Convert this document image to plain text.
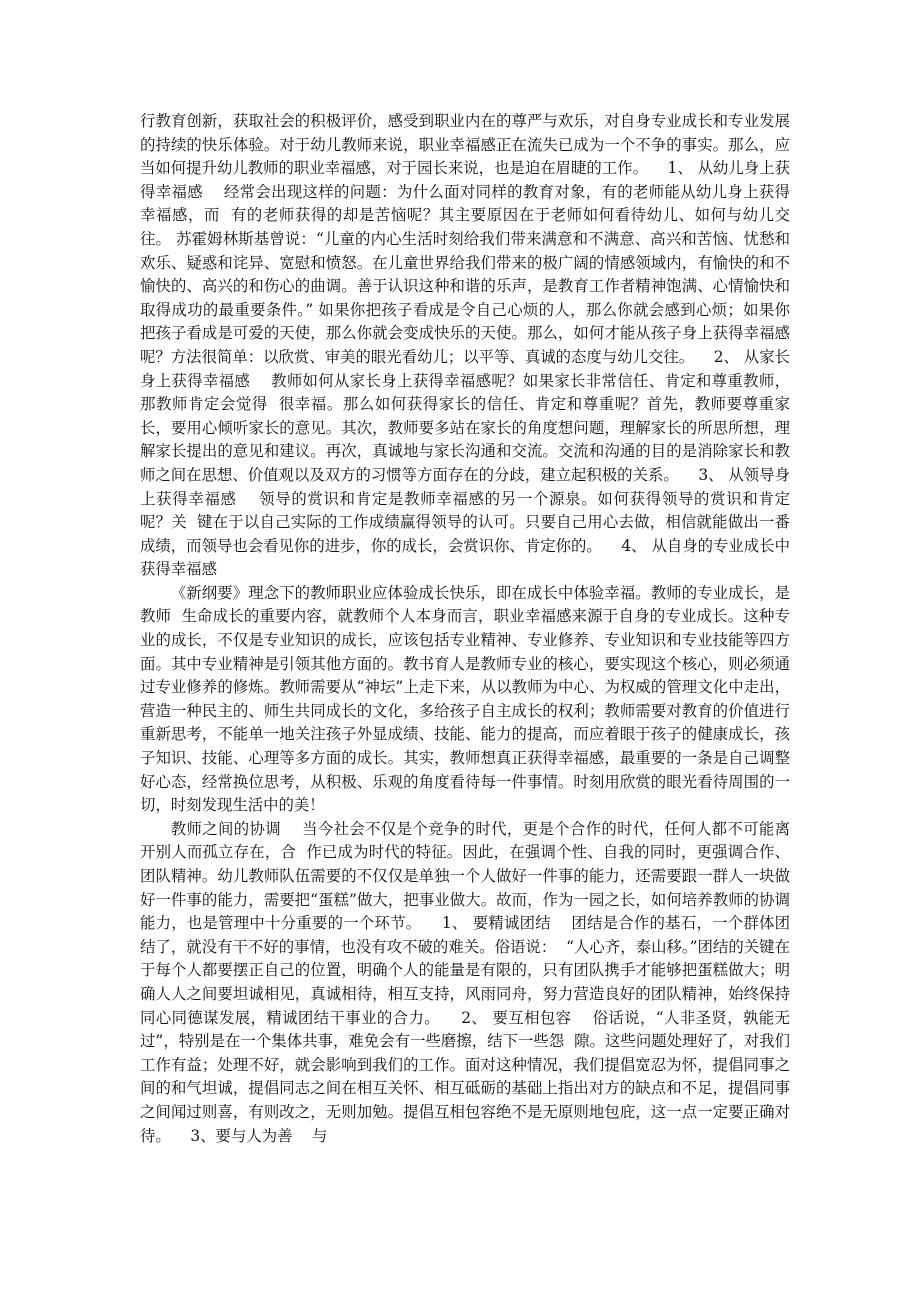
行教育创新，获取社会的积极评价，感受到职业内在的尊严与欢乐，对自身专业成长和专业发展的持续的快乐体验。对于幼儿教师来说，职业幸福感正在流失已成为一个不争的事实。那么，应当如何提升幼儿教师的职业幸福感，对于园长来说，也是迫在眉睫的工作。    1、 从幼儿身上获得幸福感    经常会出现这样的问题：为什么面对同样的教育对象，有的老师能从幼儿身上获得幸福感，而  有的老师获得的却是苦恼呢？其主要原因在于老师如何看待幼儿、如何与幼儿交往。 苏霍姆林斯基曾说：“儿童的内心生活时刻给我们带来满意和不满意、高兴和苦恼、忧愁和欢乐、疑惑和诧异、宽慰和愤怒。在儿童世界给我们带来的极广阔的情感领域内，有愉快的和不愉快的、高兴的和伤心的曲调。善于认识这种和谐的乐声，是教育工作者精神饱满、心情愉快和取得成功的最重要条件。” 如果你把孩子看成是令自己心烦的人，那么你就会感到心烦；如果你把孩子看成是可爱的天使，那么你就会变成快乐的天使。那么，如何才能从孩子身上获得幸福感呢？方法很简单：以欣赏、审美的眼光看幼儿；以平等、真诚的态度与幼儿交往。    2、 从家长身上获得幸福感    教师如何从家长身上获得幸福感呢？如果家长非常信任、肯定和尊重教师，那教师肯定会觉得  很幸福。那么如何获得家长的信任、肯定和尊重呢？首先，教师要尊重家长，要用心倾听家长的意见。其次，教师要多站在家长的角度想问题，理解家长的所思所想，理解家长提出的意见和建议。再次，真诚地与家长沟通和交流。交流和沟通的目的是消除家长和教师之间在思想、价值观以及双方的习惯等方面存在的分歧，建立起积极的关系。    3、 从领导身上获得幸福感    领导的赏识和肯定是教师幸福感的另一个源泉。如何获得领导的赏识和肯定呢？关  键在于以自己实际的工作成绩赢得领导的认可。只要自己用心去做，相信就能做出一番成绩，而领导也会看见你的进步，你的成长，会赏识你、肯定你的。    4、 从自身的专业成长中获得幸福感

《新纲要》理念下的教师职业应体验成长快乐，即在成长中体验幸福。教师的专业成长，是教师  生命成长的重要内容，就教师个人本身而言，职业幸福感来源于自身的专业成长。这种专业的成长，不仅是专业知识的成长，应该包括专业精神、专业修养、专业知识和专业技能等四方面。其中专业精神是引领其他方面的。教书育人是教师专业的核心，要实现这个核心，则必须通过专业修养的修炼。教师需要从“神坛”上走下来，从以教师为中心、为权威的管理文化中走出，营造一种民主的、师生共同成长的文化，多给孩子自主成长的权利；教师需要对教育的价值进行重新思考，不能单一地关注孩子外显成绩、技能、能力的提高，而应着眼于孩子的健康成长，孩子知识、技能、心理等多方面的成长。其实，教师想真正获得幸福感，最重要的一条是自己调整好心态，经常换位思考，从积极、乐观的角度看待每一件事情。时刻用欣赏的眼光看待周围的一切，时刻发现生活中的美！

教师之间的协调    当今社会不仅是个竞争的时代，更是个合作的时代，任何人都不可能离开别人而孤立存在，合  作已成为时代的特征。因此，在强调个性、自我的同时，更强调合作、团队精神。幼儿教师队伍需要的不仅仅是单独一个人做好一件事的能力，还需要跟一群人一块做好一件事的能力，需要把“蛋糕”做大，把事业做大。故而，作为一园之长，如何培养教师的协调能力，也是管理中十分重要的一个环节。    1、 要精诚团结    团结是合作的基石，一个群体团结了，就没有干不好的事情，也没有攻不破的难关。俗语说：  “人心齐，泰山移。”团结的关键在于每个人都要摆正自己的位置，明确个人的能量是有限的，只有团队携手才能够把蛋糕做大；明确人人之间要坦诚相见，真诚相待，相互支持，风雨同舟，努力营造良好的团队精神，始终保持同心同德谋发展，精诚团结干事业的合力。    2、 要互相包容    俗话说，“人非圣贤，孰能无过”，特别是在一个集体共事，难免会有一些磨擦，结下一些怨  隙。这些问题处理好了，对我们工作有益；处理不好，就会影响到我们的工作。面对这种情况，我们提倡宽忍为怀，提倡同事之间的和气坦诚，提倡同志之间在相互关怀、相互砥砺的基础上指出对方的缺点和不足，提倡同事之间闻过则喜，有则改之，无则加勉。提倡互相包容绝不是无原则地包庇，这一点一定要正确对待。    3、要与人为善    与
